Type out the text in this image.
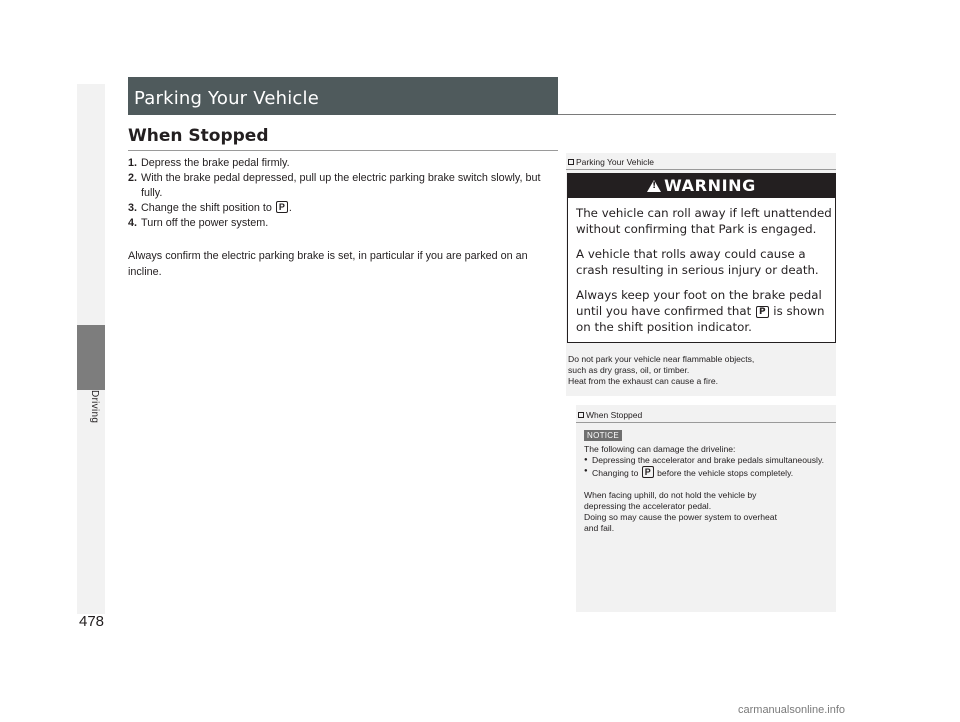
Driving
478
Parking Your Vehicle
When Stopped
1. Depress the brake pedal firmly.
2. With the brake pedal depressed, pull up the electric parking brake switch slowly, but fully.
3. Change the shift position to P .
4. Turn off the power system.
Always confirm the electric parking brake is set, in particular if you are parked on an incline.
Parking Your Vehicle
!WARNING

The vehicle can roll away if left unattended without confirming that Park is engaged.

A vehicle that rolls away could cause a crash resulting in serious injury or death.

Always keep your foot on the brake pedal until you have confirmed that P is shown on the shift position indicator.

Do not park your vehicle near flammable objects,
such as dry grass, oil, or timber.
Heat from the exhaust can cause a fire.
When Stopped
NOTICE
The following can damage the driveline:
● Depressing the accelerator and brake pedals simultaneously.
● Changing to P before the vehicle stops completely.
When facing uphill, do not hold the vehicle by
depressing the accelerator pedal.
Doing so may cause the power system to overheat
and fail.
carmanualsonline.info
